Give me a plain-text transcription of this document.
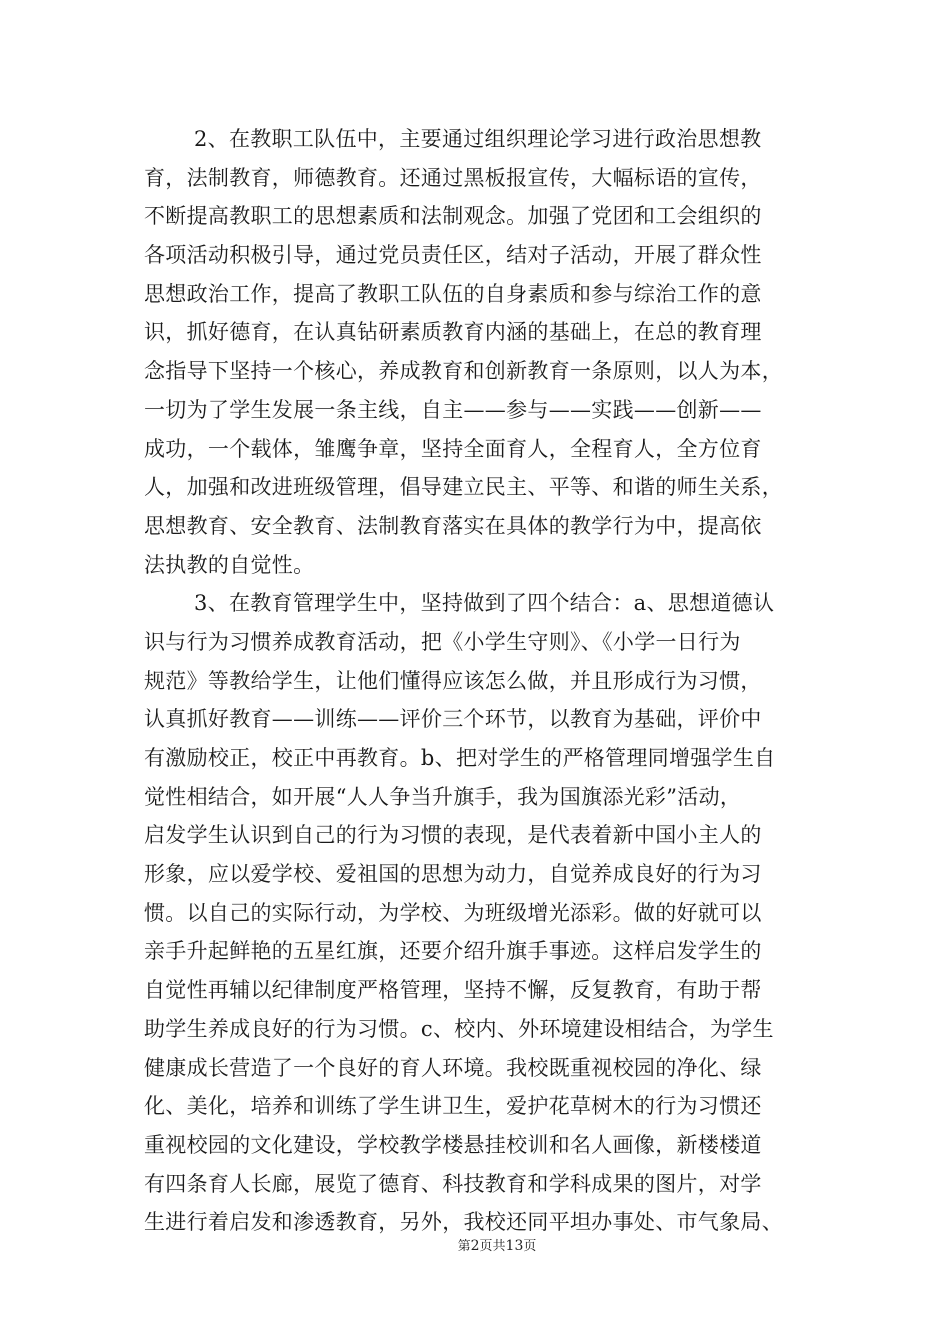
2、在教职工队伍中，主要通过组织理论学习进行政治思想教
育，法制教育，师德教育。还通过黑板报宣传，大幅标语的宣传，
不断提高教职工的思想素质和法制观念。加强了党团和工会组织的
各项活动积极引导，通过党员责任区，结对子活动，开展了群众性
思想政治工作，提高了教职工队伍的自身素质和参与综治工作的意
识，抓好德育，在认真钻研素质教育内涵的基础上，在总的教育理
念指导下坚持一个核心，养成教育和创新教育一条原则，以人为本，
一切为了学生发展一条主线，自主——参与——实践——创新——
成功，一个载体，雏鹰争章，坚持全面育人，全程育人，全方位育
人，加强和改进班级管理，倡导建立民主、平等、和谐的师生关系，
思想教育、安全教育、法制教育落实在具体的教学行为中，提高依
法执教的自觉性。
3、在教育管理学生中，坚持做到了四个结合：a、思想道德认
识与行为习惯养成教育活动，把《小学生守则》、《小学一日行为
规范》等教给学生，让他们懂得应该怎么做，并且形成行为习惯，
认真抓好教育——训练——评价三个环节，以教育为基础，评价中
有激励校正，校正中再教育。b、把对学生的严格管理同增强学生自
觉性相结合，如开展“人人争当升旗手，我为国旗添光彩”活动，
启发学生认识到自己的行为习惯的表现，是代表着新中国小主人的
形象，应以爱学校、爱祖国的思想为动力，自觉养成良好的行为习
惯。以自己的实际行动，为学校、为班级增光添彩。做的好就可以
亲手升起鲜艳的五星红旗，还要介绍升旗手事迹。这样启发学生的
自觉性再辅以纪律制度严格管理，坚持不懈，反复教育，有助于帮
助学生养成良好的行为习惯。c、校内、外环境建设相结合，为学生
健康成长营造了一个良好的育人环境。我校既重视校园的净化、绿
化、美化，培养和训练了学生讲卫生，爱护花草树木的行为习惯还
重视校园的文化建设，学校教学楼悬挂校训和名人画像，新楼楼道
有四条育人长廊，展览了德育、科技教育和学科成果的图片，对学
生进行着启发和渗透教育，另外，我校还同平坦办事处、市气象局、
第2页共13页
